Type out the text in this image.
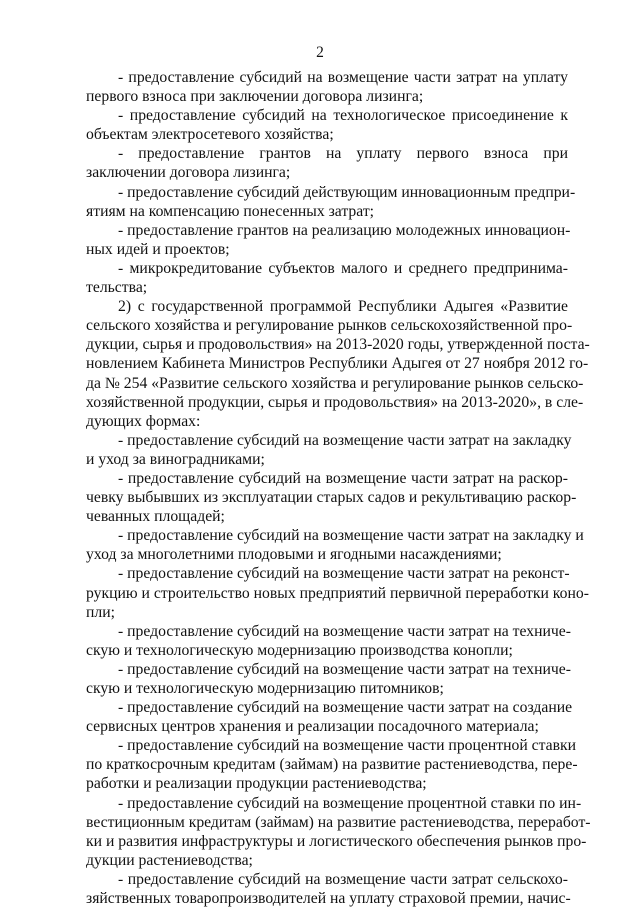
2
- предоставление субсидий на возмещение части затрат на уплату
первого взноса при заключении договора лизинга;
- предоставление субсидий на технологическое присоединение к
объектам электросетевого хозяйства;
- предоставление грантов на уплату первого взноса при
заключении договора лизинга;
- предоставление субсидий действующим инновационным предпри-
ятиям на компенсацию понесенных затрат;
- предоставление грантов на реализацию молодежных инновацион-
ных идей и проектов;
- микрокредитование субъектов малого и среднего предпринима-
тельства;
2) с государственной программой Республики Адыгея «Развитие
сельского хозяйства и регулирование рынков сельскохозяйственной про-
дукции, сырья и продовольствия» на 2013-2020 годы, утвержденной поста-
новлением Кабинета Министров Республики Адыгея от 27 ноября 2012 го-
да № 254 «Развитие сельского хозяйства и регулирование рынков сельско-
хозяйственной продукции, сырья и продовольствия» на 2013-2020», в сле-
дующих формах:
- предоставление субсидий на возмещение части затрат на закладку
и уход за виноградниками;
- предоставление субсидий на возмещение части затрат на раскор-
чевку выбывших из эксплуатации старых садов и рекультивацию раскор-
чеванных площадей;
- предоставление субсидий на возмещение части затрат на закладку и
уход за многолетними плодовыми и ягодными насаждениями;
- предоставление субсидий на возмещение части затрат на реконст-
рукцию и строительство новых предприятий первичной переработки коно-
пли;
- предоставление субсидий на возмещение части затрат на техниче-
скую и технологическую модернизацию производства конопли;
- предоставление субсидий на возмещение части затрат на техниче-
скую и технологическую модернизацию питомников;
- предоставление субсидий на возмещение части затрат на создание
сервисных центров хранения и реализации посадочного материала;
- предоставление субсидий на возмещение части процентной ставки
по краткосрочным кредитам (займам) на развитие растениеводства, пере-
работки и реализации продукции растениеводства;
- предоставление субсидий на возмещение процентной ставки по ин-
вестиционным кредитам (займам) на развитие растениеводства, переработ-
ки и развития инфраструктуры и логистического обеспечения рынков про-
дукции растениеводства;
- предоставление субсидий на возмещение части затрат сельскохо-
зяйственных товаропроизводителей на уплату страховой премии, начис-
